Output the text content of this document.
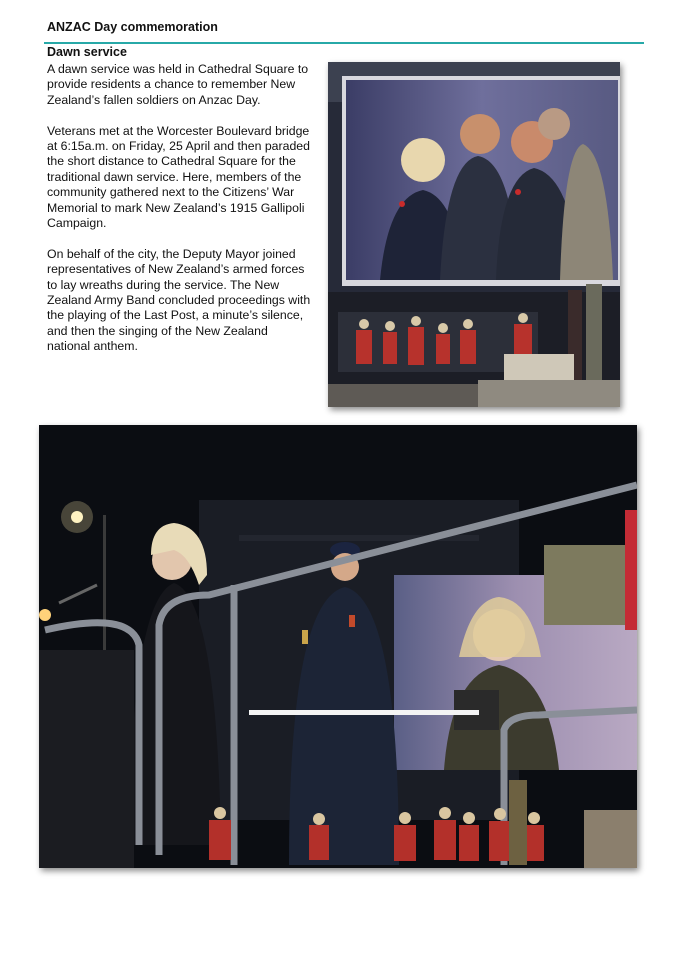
ANZAC Day commemoration
Dawn service

A dawn service was held in Cathedral Square to provide residents a chance to remember New Zealand’s fallen soldiers on Anzac Day.

Veterans met at the Worcester Boulevard bridge at 6:15a.m. on Friday, 25 April and then paraded the short distance to Cathedral Square for the traditional dawn service. Here, members of the community gathered next to the Citizens’ War Memorial to mark New Zealand’s 1915 Gallipoli Campaign.

On behalf of the city, the Deputy Mayor joined representatives of New Zealand’s armed forces to lay wreaths during the service. The New Zealand Army Band concluded proceedings with the playing of the Last Post, a minute’s silence, and then the singing of the New Zealand national anthem.
